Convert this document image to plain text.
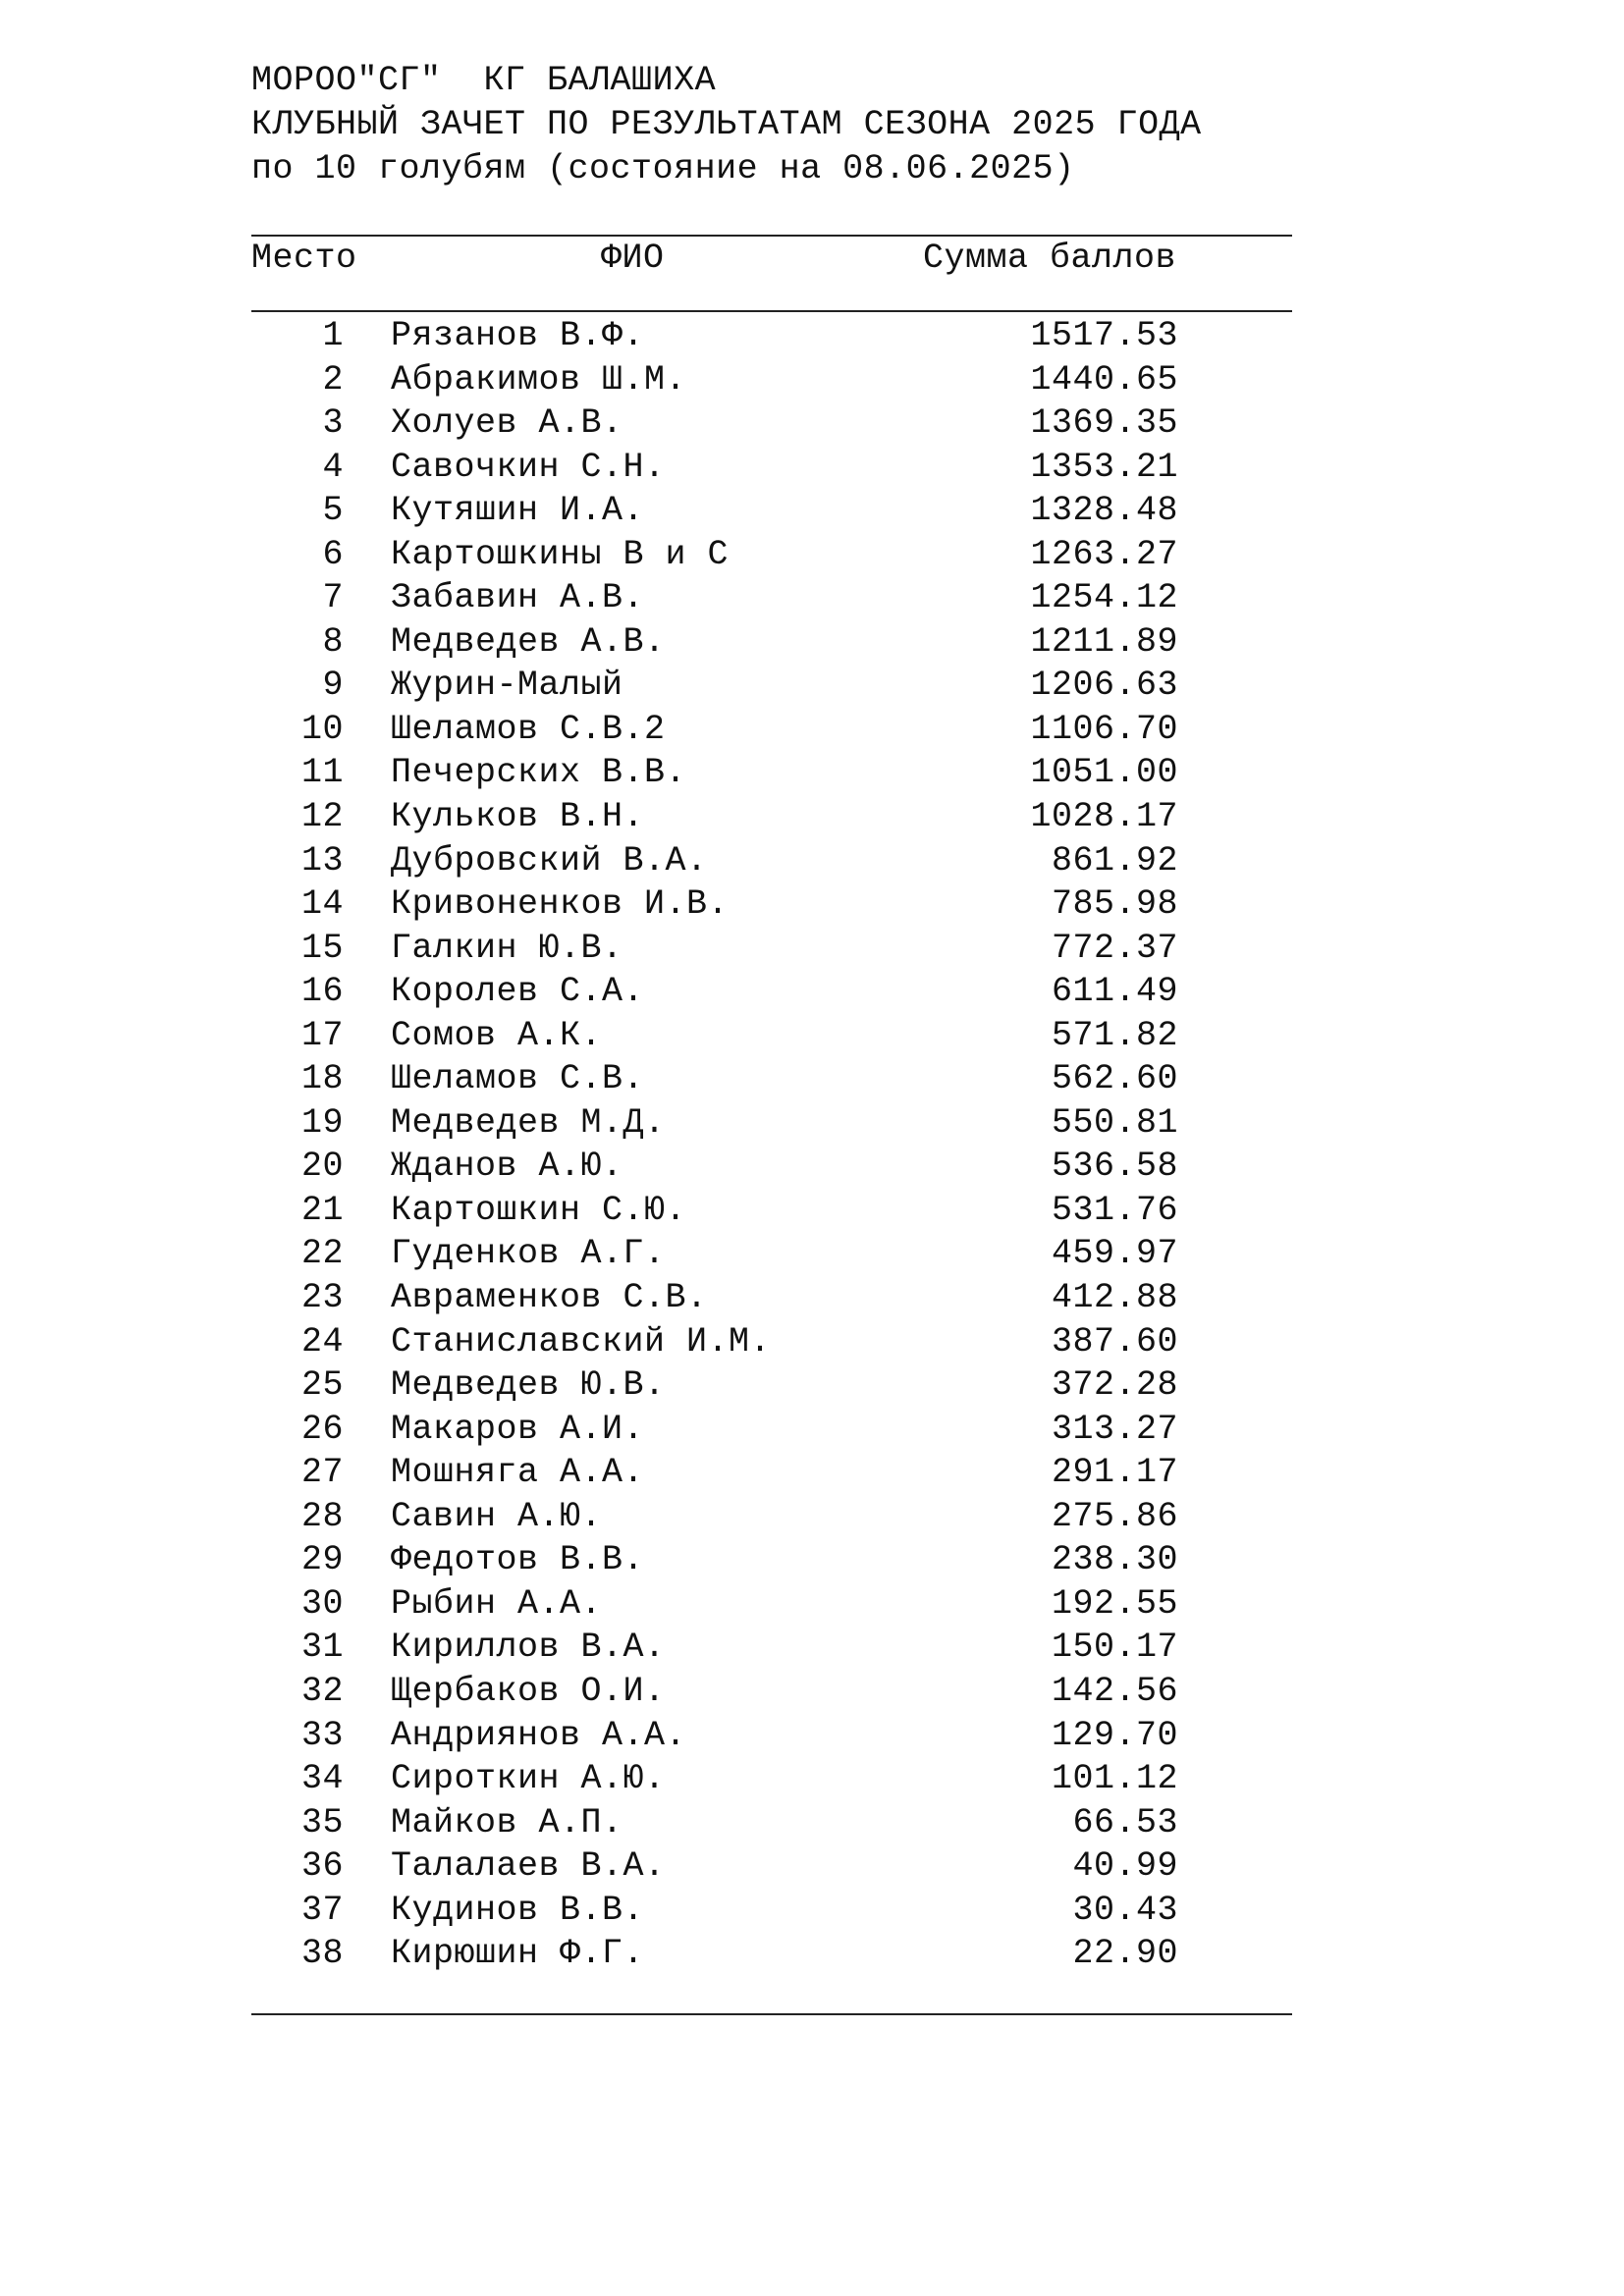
МОРОО"СГ"  КГ БАЛАШИХА
КЛУБНЫЙ ЗАЧЕТ ПО РЕЗУЛЬТАТАМ СЕЗОНА 2025 ГОДА
по 10 голубям (состояние на 08.06.2025)
Место	ФИО	Сумма баллов
1 Рязанов В.Ф.	1517.53
2 Абракимов Ш.М.	1440.65
3 Холуев А.В.	1369.35
4 Савочкин С.Н.	1353.21
5 Кутяшин И.А.	1328.48
6 Картошкины В и С	1263.27
7 Забавин А.В.	1254.12
8 Медведев А.В.	1211.89
9 Журин-Малый	1206.63
10 Шеламов С.В.2	1106.70
11 Печерских В.В.	1051.00
12 Кульков В.Н.	1028.17
13 Дубровский В.А.	861.92
14 Кривоненков И.В.	785.98
15 Галкин Ю.В.	772.37
16 Королев С.А.	611.49
17 Сомов А.К.	571.82
18 Шеламов С.В.	562.60
19 Медведев М.Д.	550.81
20 Жданов А.Ю.	536.58
21 Картошкин С.Ю.	531.76
22 Гуденков А.Г.	459.97
23 Авраменков С.В.	412.88
24 Станиславский И.М.	387.60
25 Медведев Ю.В.	372.28
26 Макаров А.И.	313.27
27 Мошняга А.А.	291.17
28 Савин А.Ю.	275.86
29 Федотов В.В.	238.30
30 Рыбин А.А.	192.55
31 Кириллов В.А.	150.17
32 Щербаков О.И.	142.56
33 Андриянов А.А.	129.70
34 Сироткин А.Ю.	101.12
35 Майков А.П.	66.53
36 Талалаев В.А.	40.99
37 Кудинов В.В.	30.43
38 Кирюшин Ф.Г.	22.90
